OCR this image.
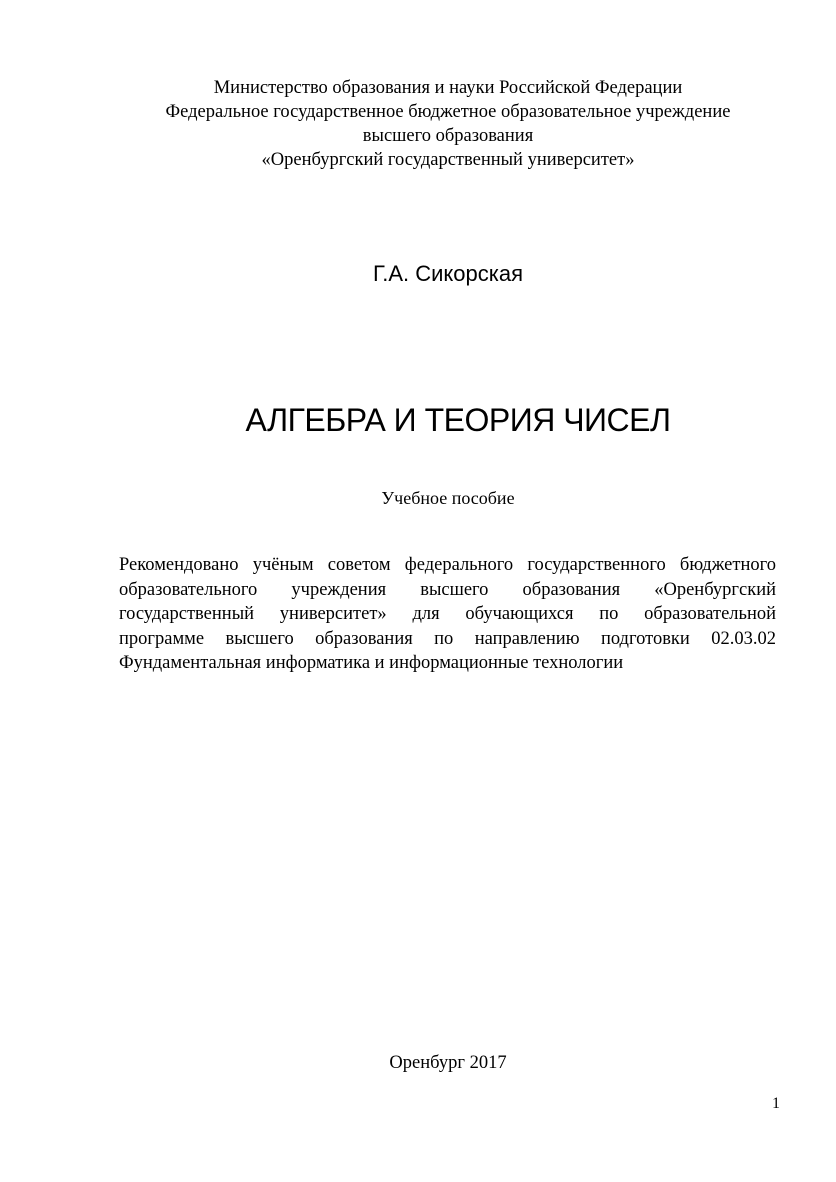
Министерство образования и науки Российской Федерации
Федеральное государственное бюджетное образовательное учреждение
высшего образования
«Оренбургский государственный университет»
Г.А. Сикорская
АЛГЕБРА И ТЕОРИЯ ЧИСЕЛ
Учебное пособие
Рекомендовано учёным советом федерального государственного бюджетного
образовательного учреждения высшего образования «Оренбургский
государственный университет» для обучающихся по образовательной
программе высшего образования по направлению подготовки 02.03.02
Фундаментальная информатика и информационные технологии
Оренбург 2017
1
